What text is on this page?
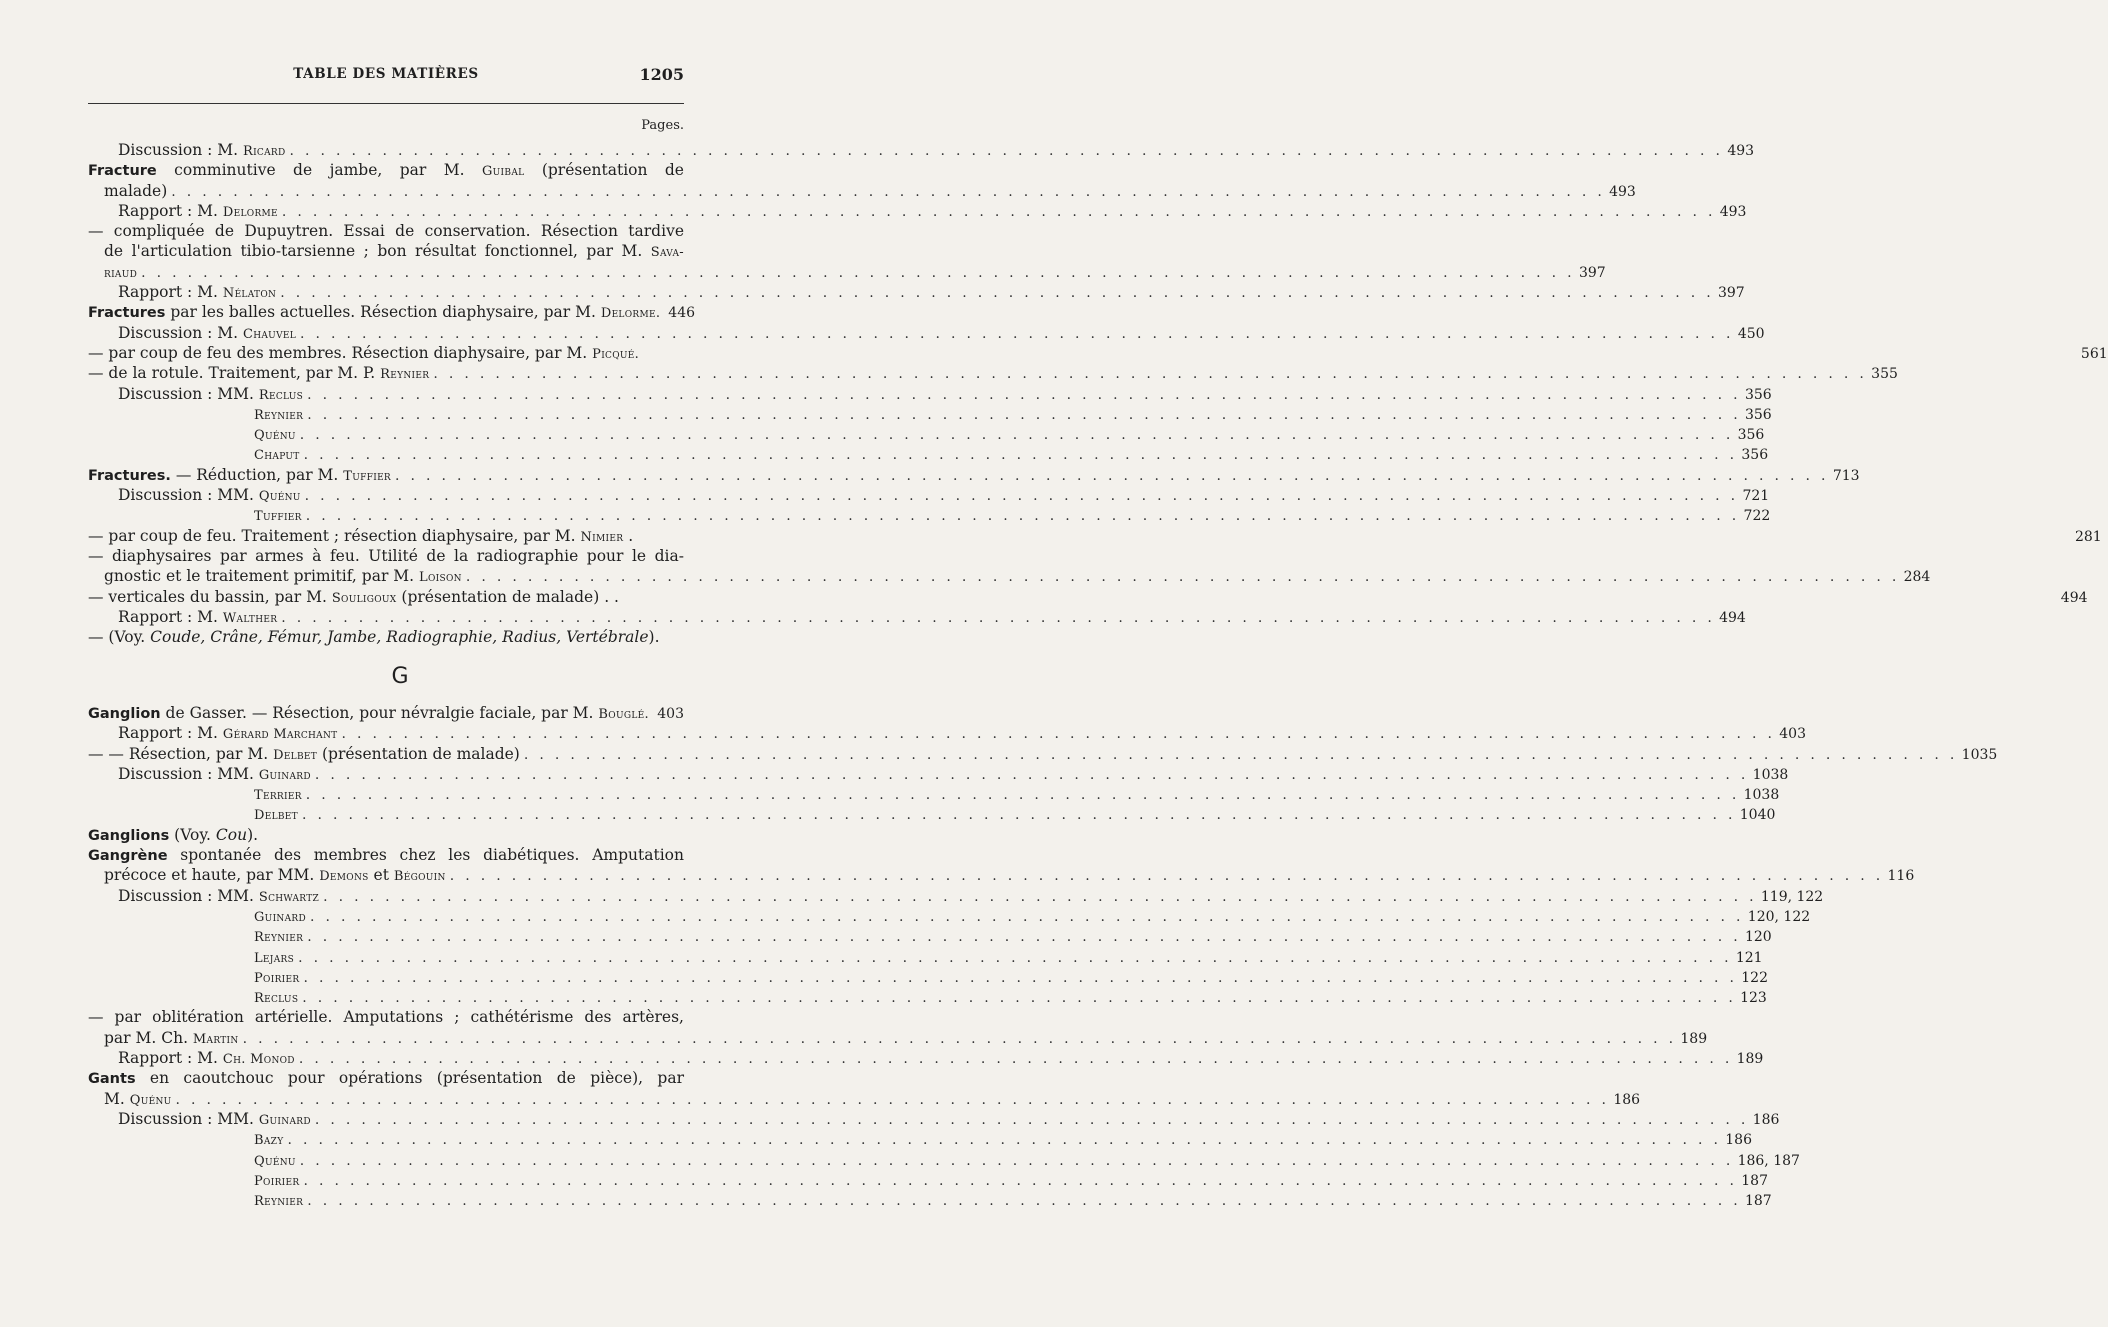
TABLE DES MATIÈRES	1205
Pages.
Discussion : M. Ricard . . .	493
Fracture comminutive de jambe, par M. Guibal (présentation de
malade) . . .	493
Rapport : M. Delorme . . .	493
— compliquée de Dupuytren. Essai de conservation. Résection tardive
de l'articulation tibio-tarsienne ; bon résultat fonctionnel, par M. Sava-
riaud . . .	397
Rapport : M. Nélaton . . .	397
Fractures par les balles actuelles. Résection diaphysaire, par M. Delorme. 446
Discussion : M. Chauvel . . .	450
— par coup de feu des membres. Résection diaphysaire, par M. Picqué.	561
— de la rotule. Traitement, par M. P. Reynier . . .	355
Discussion : MM. Reclus . . .	356
Reynier . . .	356
Quénu . . .	356
Chaput . . .	356
Fractures. — Réduction, par M. Tuffier . . .	713
Discussion : MM. Quénu . . .	721
Tuffier . . .	722
— par coup de feu. Traitement ; résection diaphysaire, par M. Nimier .	281
— diaphysaires par armes à feu. Utilité de la radiographie pour le dia-
gnostic et le traitement primitif, par M. Loison . . .	284
— verticales du bassin, par M. Souligoux (présentation de malade) . .	494
Rapport : M. Walther . . .	494
— (Voy. Coude, Crâne, Fémur, Jambe, Radiographie, Radius, Vertébrale).
G
Ganglion de Gasser. — Résection, pour névralgie faciale, par M. Bouglé. 403
Rapport : M. Gérard Marchant . . .	403
— — Résection, par M. Delbet (présentation de malade) . . .	1035
Discussion : MM. Guinard . . .	1038
Terrier . . .	1038
Delbet . . .	1040
Ganglions (Voy. Cou).
Gangrène spontanée des membres chez les diabétiques. Amputation
précoce et haute, par MM. Demons et Bégouin . . .	116
Discussion : MM. Schwartz . . .	119, 122
Guinard . . .	120, 122
Reynier . . .	120
Lejars . . .	121
Poirier . . .	122
Reclus . . .	123
— par oblitération artérielle. Amputations ; cathétérisme des artères,
par M. Ch. Martin . . .	189
Rapport : M. Ch. Monod . . .	189
Gants en caoutchouc pour opérations (présentation de pièce), par
M. Quénu . . .	186
Discussion : MM. Guinard . . .	186
Bazy . . .	186
Quénu . . .	186, 187
Poirier . . .	187
Reynier . . .	187
